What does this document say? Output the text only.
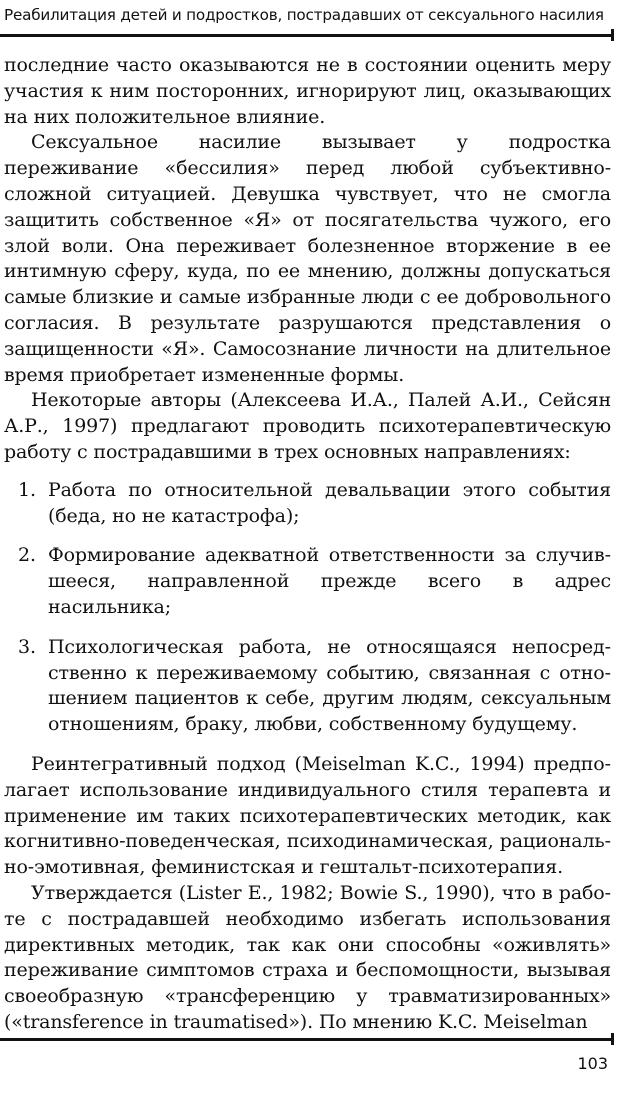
Реабилитация детей и подростков, пострадавших от сексуального насилия

последние часто оказываются не в состоянии оценить меру участия к ним посторонних, игнорируют лиц, оказывающих на них положительное влияние.

Сексуальное насилие вызывает у подростка переживание «бессилия» перед любой субъективно-сложной ситуацией. Девушка чувствует, что не смогла защитить собственное «Я» от посягательства чужого, его злой воли. Она переживает болезненное вторжение в ее интимную сферу, куда, по ее мнению, должны допускаться самые близкие и самые избранные люди с ее добровольного согласия. В результате разрушаются представления о защищенности «Я». Самосознание личности на длительное время приобретает измененные формы.

Некоторые авторы (Алексеева И.А., Палей А.И., Сейсян А.Р., 1997) предлагают проводить психотерапевтическую работу с пострадавшими в трех основных направлениях:

1. Работа по относительной девальвации этого события (беда, но не катастрофа);
2. Формирование адекватной ответственности за случившееся, направленной прежде всего в адрес насильника;
3. Психологическая работа, не относящаяся непосредственно к переживаемому событию, связанная с отношением пациентов к себе, другим людям, сексуальным отношениям, браку, любви, собственному будущему.

Реинтегративный подход (Meiselman K.C., 1994) предполагает использование индивидуального стиля терапевта и применение им таких психотерапевтических методик, как когнитивно-поведенческая, психодинамическая, рационально-эмотивная, феминистская и гештальт-психотерапия.

Утверждается (Lister E., 1982; Bowie S., 1990), что в работе с пострадавшей необходимо избегать использования директивных методик, так как они способны «оживлять» переживание симптомов страха и беспомощности, вызывая своеобразную «трансференцию у травматизированных» («transference in traumatised»). По мнению K.C. Meiselman

103
